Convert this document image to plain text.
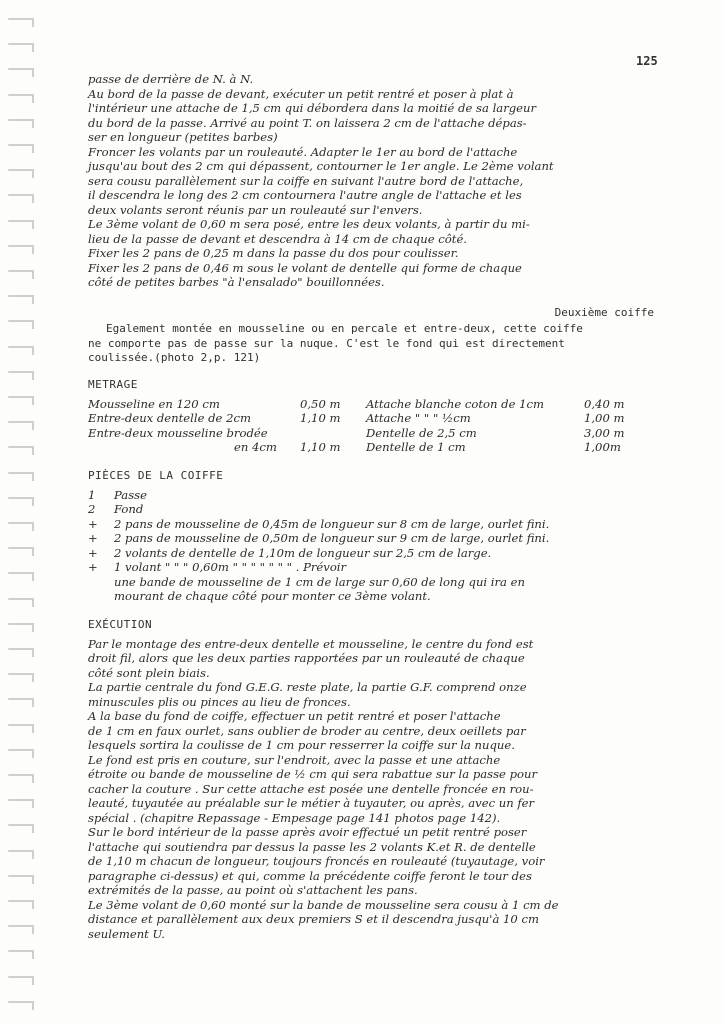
125

passe de derrière de N. à N.

Au bord de la passe de devant, exécuter un petit rentré et poser à plat à

l'intérieur une attache de 1,5 cm qui débordera dans la moitié de sa largeur

du bord de la passe. Arrivé au point T. on laissera 2 cm de l'attache dépas-

ser en longueur (petites barbes)

Froncer les volants par un rouleauté. Adapter le 1er au bord de l'attache

jusqu'au bout des 2 cm qui dépassent, contourner le 1er angle. Le 2ème volant

sera cousu parallèlement sur la coiffe en suivant l'autre bord de l'attache,

il descendra le long des 2 cm contournera l'autre angle de l'attache et les

deux volants seront réunis par un rouleauté sur l'envers.

Le 3ème volant de 0,60 m sera posé, entre les deux volants, à partir du mi-

lieu de la passe de devant et descendra à 14 cm de chaque côté.

Fixer les 2 pans de 0,25 m dans la passe du dos pour coulisser.

Fixer les 2 pans de 0,46 m sous le volant de dentelle qui forme de chaque

côté de petites barbes "à l'ensalado" bouillonnées.

Deuxième coiffe

Egalement montée en mousseline ou en percale et entre-deux, cette coiffe

ne comporte pas de passe sur la nuque. C'est le fond qui est directement

coulissée.(photo 2,p. 121)

METRAGE
Mousseline en 120 cm	0,50 m	Attache blanche coton de 1cm	0,40 m
Entre-deux dentelle de 2cm	1,10 m	Attache " " " ½cm	1,00 m
Entre-deux mousseline brodée	Dentelle de 2,5 cm	3,00 m
en 4cm	1,10 m	Dentelle de 1 cm	1,00m
PIÈCES DE LA COIFFE
1	Passe
2	Fond
+	2 pans de mousseline de 0,45m de longueur sur 8 cm de large, ourlet fini.
+	2 pans de mousseline de 0,50m de longueur sur 9 cm de large, ourlet fini.
+	2 volants de dentelle de 1,10m de longueur sur 2,5 cm de large.
+	1 volant " " " 0,60m " " " " " " " . Prévoir
une bande de mousseline de 1 cm de large sur 0,60 de long qui ira en
mourant de chaque côté pour monter ce 3ème volant.
EXÉCUTION

Par le montage des entre-deux dentelle et mousseline, le centre du fond est

droit fil, alors que les deux parties rapportées par un rouleauté de chaque

côté sont plein biais.

La partie centrale du fond G.E.G. reste plate, la partie G.F. comprend onze

minuscules plis ou pinces au lieu de fronces.

A la base du fond de coiffe, effectuer un petit rentré et poser l'attache

de 1 cm en faux ourlet, sans oublier de broder au centre, deux oeillets par

lesquels sortira la coulisse de 1 cm pour resserrer la coiffe sur la nuque.

Le fond est pris en couture, sur l'endroit, avec la passe et une attache

étroite ou bande de mousseline de ½ cm qui sera rabattue sur la passe pour

cacher la couture . Sur cette attache est posée une dentelle froncée en rou-

leauté, tuyautée au préalable sur le métier à tuyauter, ou après, avec un fer

spécial . (chapitre Repassage - Empesage page 141 photos page 142).

Sur le bord intérieur de la passe après avoir effectué un petit rentré poser

l'attache qui soutiendra par dessus la passe les 2 volants K.et R. de dentelle

de 1,10 m chacun de longueur, toujours froncés en rouleauté (tuyautage, voir

paragraphe ci-dessus) et qui, comme la précédente coiffe feront le tour des

extrémités de la passe, au point où s'attachent les pans.

Le 3ème volant de 0,60 monté sur la bande de mousseline sera cousu à 1 cm de

distance et parallèlement aux deux premiers S et il descendra jusqu'à 10 cm

seulement U.
